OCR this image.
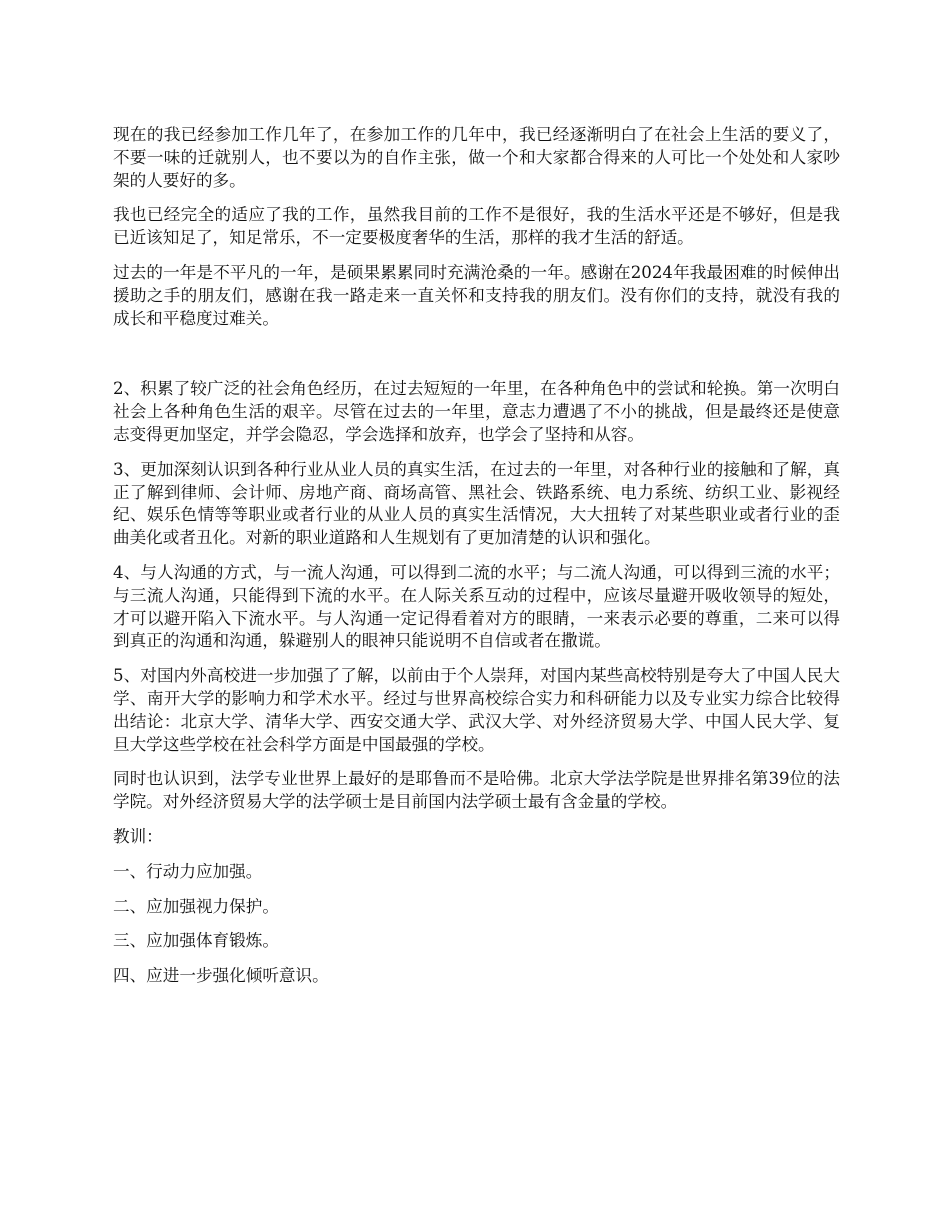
现在的我已经参加工作几年了，在参加工作的几年中，我已经逐渐明白了在社会上生活的要义了，不要一味的迁就别人，也不要以为的自作主张，做一个和大家都合得来的人可比一个处处和人家吵架的人要好的多。

我也已经完全的适应了我的工作，虽然我目前的工作不是很好，我的生活水平还是不够好，但是我已近该知足了，知足常乐，不一定要极度奢华的生活，那样的我才生活的舒适。

过去的一年是不平凡的一年，是硕果累累同时充满沧桑的一年。感谢在2024年我最困难的时候伸出援助之手的朋友们，感谢在我一路走来一直关怀和支持我的朋友们。没有你们的支持，就没有我的成长和平稳度过难关。

2、积累了较广泛的社会角色经历，在过去短短的一年里，在各种角色中的尝试和轮换。第一次明白社会上各种角色生活的艰辛。尽管在过去的一年里，意志力遭遇了不小的挑战，但是最终还是使意志变得更加坚定，并学会隐忍，学会选择和放弃，也学会了坚持和从容。

3、更加深刻认识到各种行业从业人员的真实生活，在过去的一年里，对各种行业的接触和了解，真正了解到律师、会计师、房地产商、商场高管、黑社会、铁路系统、电力系统、纺织工业、影视经纪、娱乐色情等等职业或者行业的从业人员的真实生活情况，大大扭转了对某些职业或者行业的歪曲美化或者丑化。对新的职业道路和人生规划有了更加清楚的认识和强化。

4、与人沟通的方式，与一流人沟通，可以得到二流的水平；与二流人沟通，可以得到三流的水平；与三流人沟通，只能得到下流的水平。在人际关系互动的过程中，应该尽量避开吸收领导的短处，才可以避开陷入下流水平。与人沟通一定记得看着对方的眼睛，一来表示必要的尊重，二来可以得到真正的沟通和沟通，躲避别人的眼神只能说明不自信或者在撒谎。

5、对国内外高校进一步加强了了解，以前由于个人崇拜，对国内某些高校特别是夸大了中国人民大学、南开大学的影响力和学术水平。经过与世界高校综合实力和科研能力以及专业实力综合比较得出结论：北京大学、清华大学、西安交通大学、武汉大学、对外经济贸易大学、中国人民大学、复旦大学这些学校在社会科学方面是中国最强的学校。

同时也认识到，法学专业世界上最好的是耶鲁而不是哈佛。北京大学法学院是世界排名第39位的法学院。对外经济贸易大学的法学硕士是目前国内法学硕士最有含金量的学校。

教训：

一、行动力应加强。

二、应加强视力保护。

三、应加强体育锻炼。

四、应进一步强化倾听意识。
